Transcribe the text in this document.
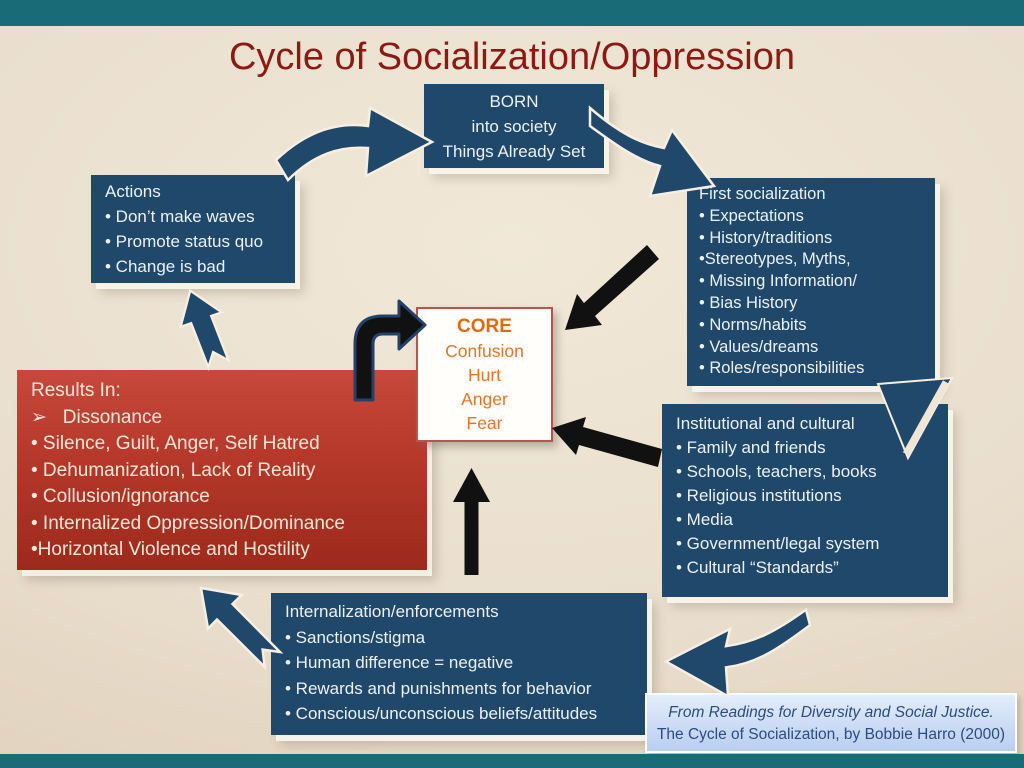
Cycle of Socialization/Oppression
BORN
into society
Things Already Set
Actions
• Don’t make waves
• Promote status quo
• Change is bad
First socialization
• Expectations
• History/traditions
•Stereotypes, Myths,
• Missing Information/
• Bias History
• Norms/habits
• Values/dreams
• Roles/responsibilities
Institutional and cultural
• Family and friends
• Schools, teachers, books
• Religious institutions
• Media
• Government/legal system
• Cultural “Standards”
Internalization/enforcements
• Sanctions/stigma
• Human difference = negative
• Rewards and punishments for behavior
• Conscious/unconscious beliefs/attitudes
Results In:
➢   Dissonance
• Silence, Guilt, Anger, Self Hatred
• Dehumanization, Lack of Reality
• Collusion/ignorance
• Internalized Oppression/Dominance
•Horizontal Violence and Hostility
CORE
Confusion
Hurt
Anger
Fear
From Readings for Diversity and Social Justice.
The Cycle of Socialization, by Bobbie Harro (2000)
